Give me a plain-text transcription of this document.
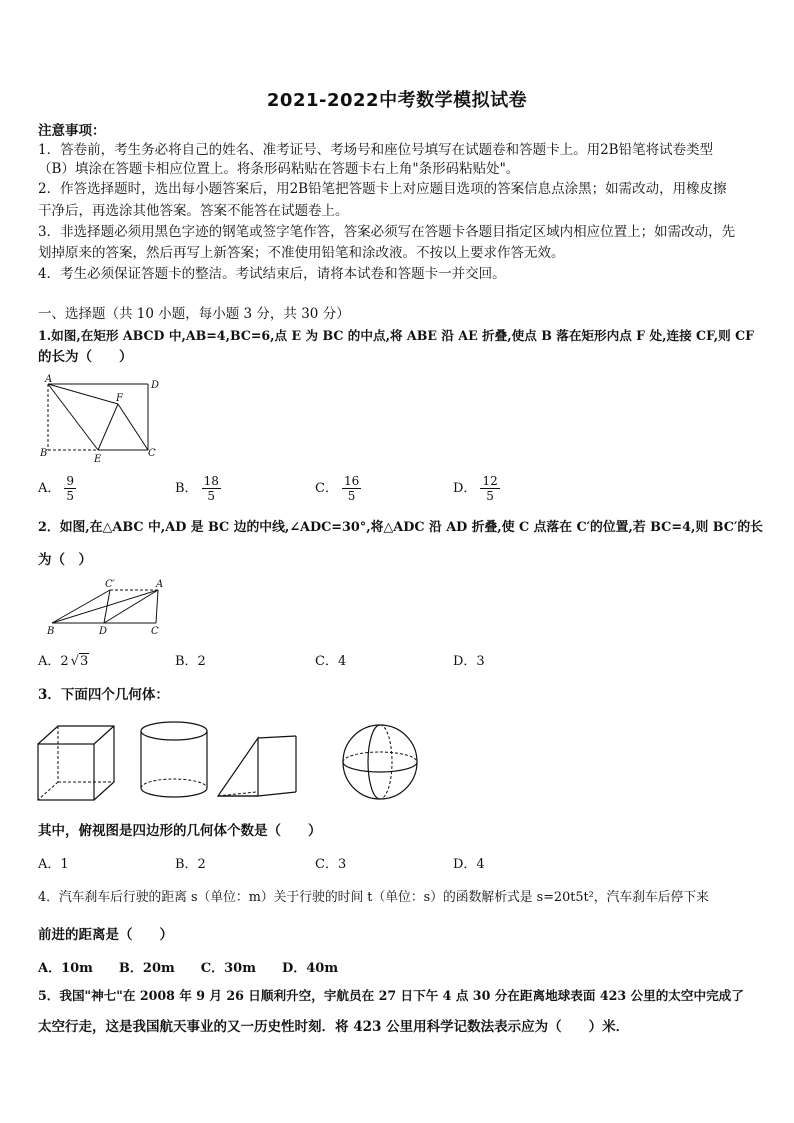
2021-2022中考数学模拟试卷
注意事项：
1．答卷前，考生务必将自己的姓名、准考证号、考场号和座位号填写在试题卷和答题卡上。用2B铅笔将试卷类型
（B）填涂在答题卡相应位置上。将条形码粘贴在答题卡右上角"条形码粘贴处"。
2．作答选择题时，选出每小题答案后，用2B铅笔把答题卡上对应题目选项的答案信息点涂黑；如需改动，用橡皮擦
干净后，再选涂其他答案。答案不能答在试题卷上。
3．非选择题必须用黑色字迹的钢笔或签字笔作答，答案必须写在答题卡各题目指定区域内相应位置上；如需改动，先
划掉原来的答案，然后再写上新答案；不准使用铅笔和涂改液。不按以上要求作答无效。
4．考生必须保证答题卡的整洁。考试结束后，请将本试卷和答题卡一并交回。
一、选择题（共 10 小题，每小题 3 分，共 30 分）
1.如图,在矩形 ABCD 中,AB=4,BC=6,点 E 为 BC 的中点,将 ABE 沿 AE 折叠,使点 B 落在矩形内点 F 处,连接 CF,则 CF
的长为（　　）
A
D
B
E
C
F
A． $\frac{9}{5}$	B． $\frac{18}{5}$	C． $\frac{16}{5}$	D． $\frac{12}{5}$
2．如图,在△ABC 中,AD 是 BC 边的中线,∠ADC=30°,将△ADC 沿 AD 折叠,使 C 点落在 C′的位置,若 BC=4,则 BC′的长
为（　）
C′	A
B	D	C
A．2 √3	B．2	C．4	D．3
3．下面四个几何体：
其中，俯视图是四边形的几何体个数是（　　）
A．1	B．2	C．3	D．4
4．汽车刹车后行驶的距离 s（单位：m）关于行驶的时间 t（单位：s）的函数解析式是 s=20t5t²，汽车刹车后停下来
前进的距离是（　　）
A．10m　　B．20m　　C．30m　　D．40m
5．我国"神七"在 2008 年 9 月 26 日顺利升空，宇航员在 27 日下午 4 点 30 分在距离地球表面 423 公里的太空中完成了
太空行走，这是我国航天事业的又一历史性时刻．将 423 公里用科学记数法表示应为（　　）米．
